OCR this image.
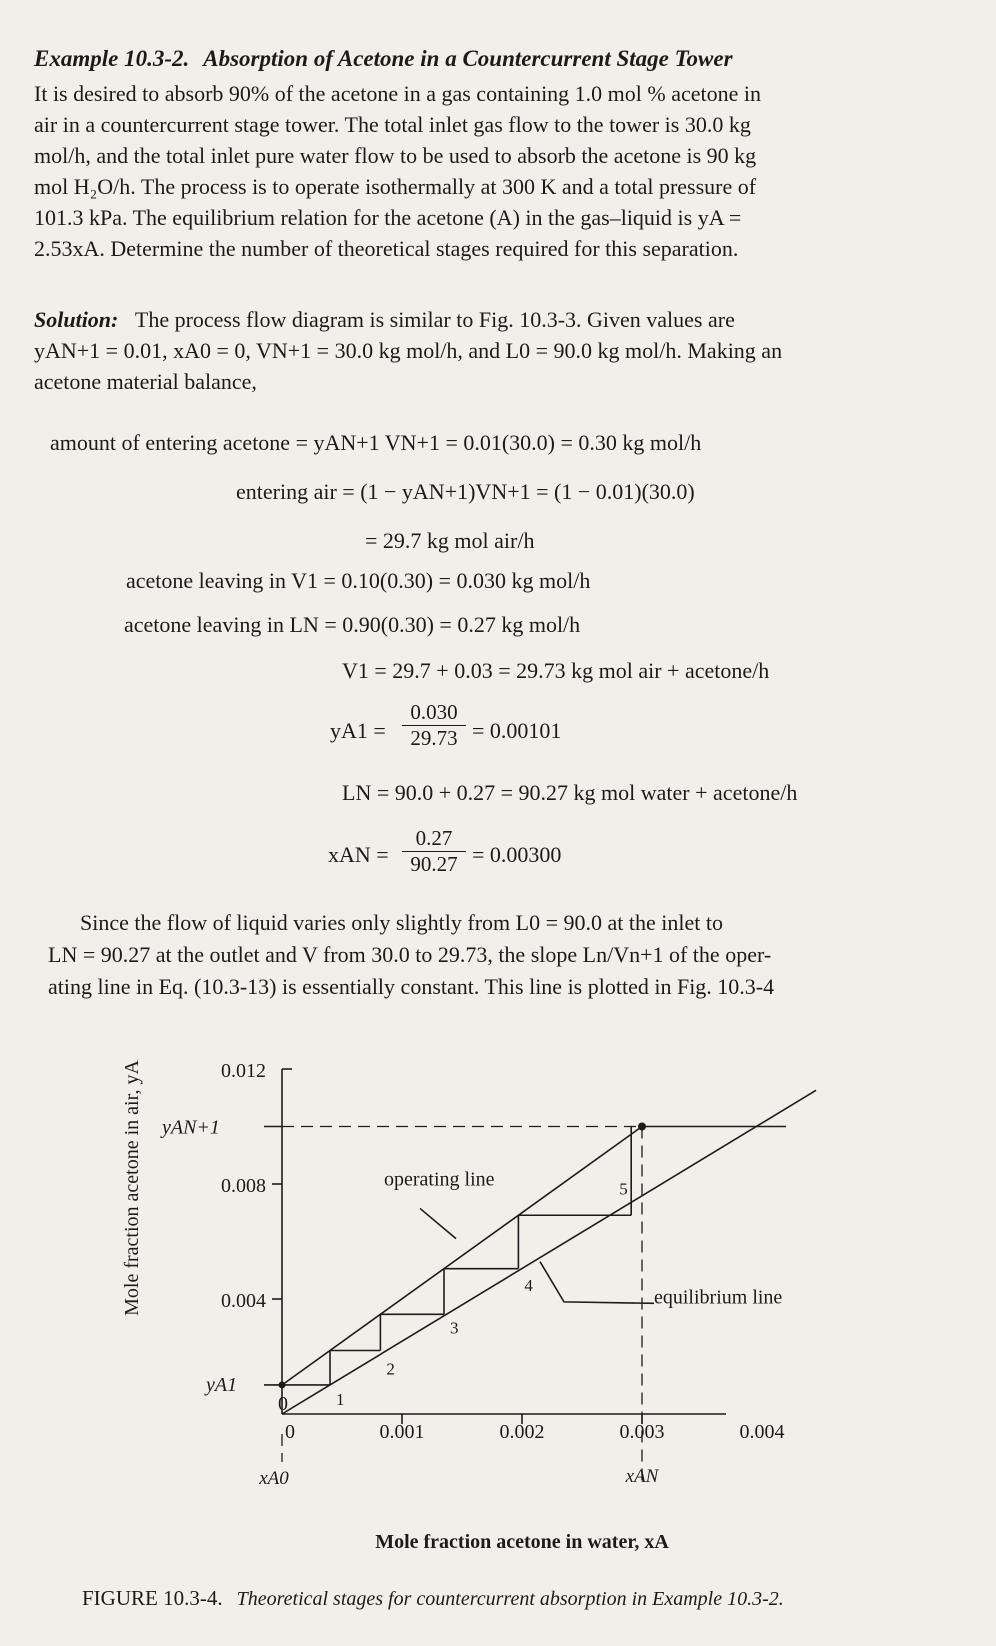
Example 10.3-2. Absorption of Acetone in a Countercurrent Stage Tower
It is desired to absorb 90% of the acetone in a gas containing 1.0 mol % acetone in
air in a countercurrent stage tower. The total inlet gas flow to the tower is 30.0 kg
mol/h, and the total inlet pure water flow to be used to absorb the acetone is 90 kg
mol H₂O/h. The process is to operate isothermally at 300 K and a total pressure of
101.3 kPa. The equilibrium relation for the acetone (A) in the gas–liquid is yA =
2.53xA. Determine the number of theoretical stages required for this separation.
Solution: The process flow diagram is similar to Fig. 10.3-3. Given values are
yAN+1 = 0.01, xA0 = 0, VN+1 = 30.0 kg mol/h, and L0 = 90.0 kg mol/h. Making an
acetone material balance,
amount of entering acetone = yAN+1 VN+1 = 0.01(30.0) = 0.30 kg mol/h
entering air = (1 − yAN+1)VN+1 = (1 − 0.01)(30.0)
= 29.7 kg mol air/h
acetone leaving in V1 = 0.10(0.30) = 0.030 kg mol/h
acetone leaving in LN = 0.90(0.30) = 0.27 kg mol/h
V1 = 29.7 + 0.03 = 29.73 kg mol air + acetone/h
$yA1 = \frac{0.030}{29.73} = 0.00101$
LN = 90.0 + 0.27 = 90.27 kg mol water + acetone/h
xAN = $\frac{0.27}{90.27} = 0.00300$
Since the flow of liquid varies only slightly from L0 = 90.0 at the inlet to
LN = 90.27 at the outlet and V from 30.0 to 29.73, the slope Ln/Vn+1 of the oper-
ating line in Eq. (10.3-13) is essentially constant. This line is plotted in Fig. 10.3-4
Mole fraction acetone in air, yA
Mole fraction acetone in water, xA
0
0.004
0.008
0.012
0	0.001	0.002	0.003	0.004
1
2
3
4
5
yAN+1
yA1
xA0	xAN
operating line
equilibrium line
FIGURE 10.3-4. Theoretical stages for countercurrent absorption in Example 10.3-2.
